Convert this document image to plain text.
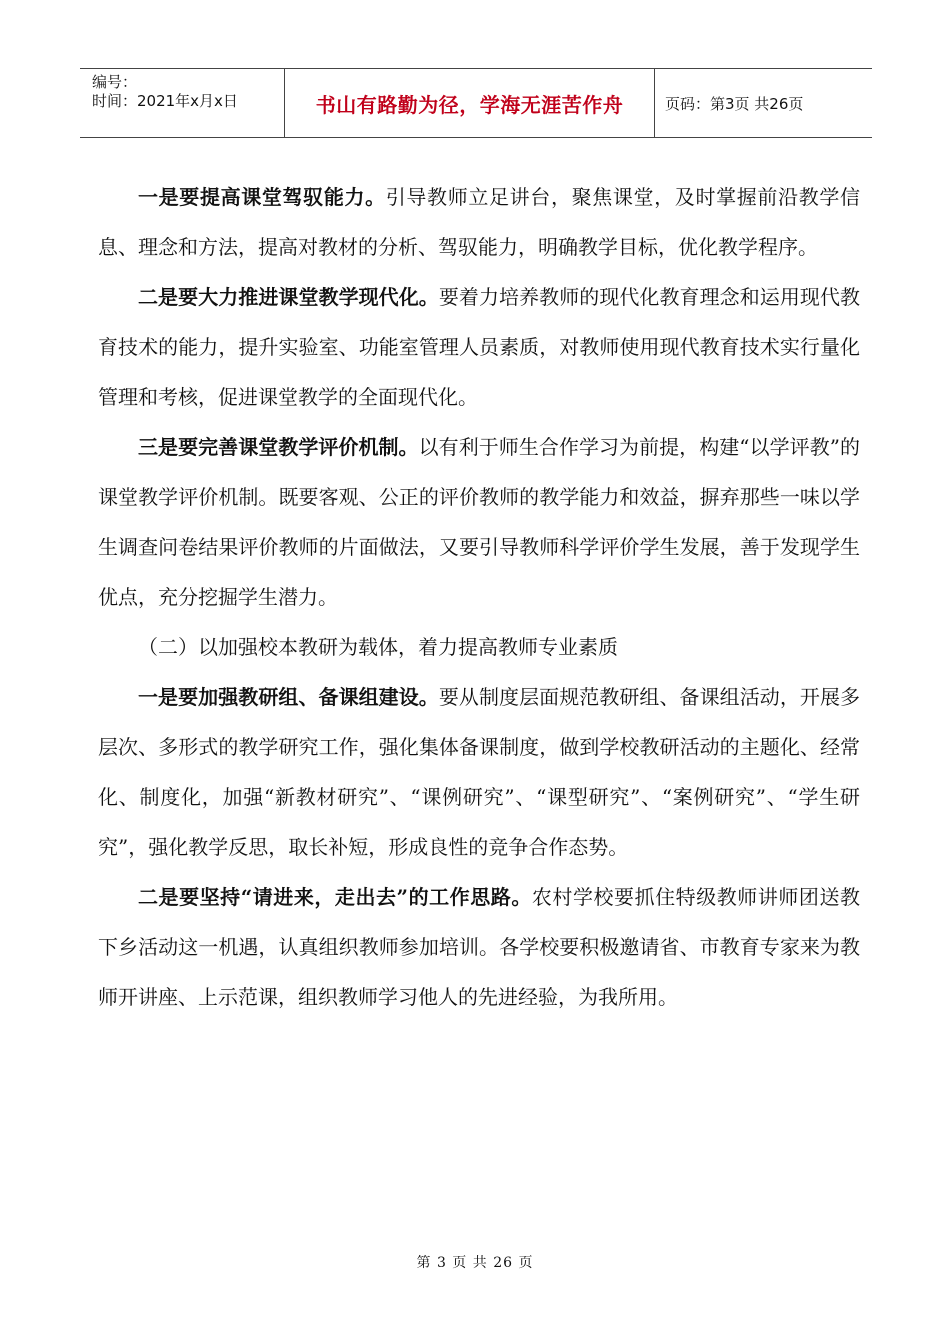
编号：
时间：2021年x月x日	书山有路勤为径，学海无涯苦作舟	页码：第3页 共26页

一是要提高课堂驾驭能力。引导教师立足讲台，聚焦课堂，及时掌握前沿教学信息、理念和方法，提高对教材的分析、驾驭能力，明确教学目标，优化教学程序。

二是要大力推进课堂教学现代化。要着力培养教师的现代化教育理念和运用现代教育技术的能力，提升实验室、功能室管理人员素质，对教师使用现代教育技术实行量化管理和考核，促进课堂教学的全面现代化。

三是要完善课堂教学评价机制。以有利于师生合作学习为前提，构建“以学评教”的课堂教学评价机制。既要客观、公正的评价教师的教学能力和效益，摒弃那些一味以学生调查问卷结果评价教师的片面做法，又要引导教师科学评价学生发展，善于发现学生优点，充分挖掘学生潜力。

（二）以加强校本教研为载体，着力提高教师专业素质

一是要加强教研组、备课组建设。要从制度层面规范教研组、备课组活动，开展多层次、多形式的教学研究工作，强化集体备课制度，做到学校教研活动的主题化、经常化、制度化，加强“新教材研究”、“课例研究”、“课型研究”、“案例研究”、“学生研究”，强化教学反思，取长补短，形成良性的竞争合作态势。

二是要坚持“请进来，走出去”的工作思路。农村学校要抓住特级教师讲师团送教下乡活动这一机遇，认真组织教师参加培训。各学校要积极邀请省、市教育专家来为教师开讲座、上示范课，组织教师学习他人的先进经验，为我所用。

第 3 页 共 26 页
